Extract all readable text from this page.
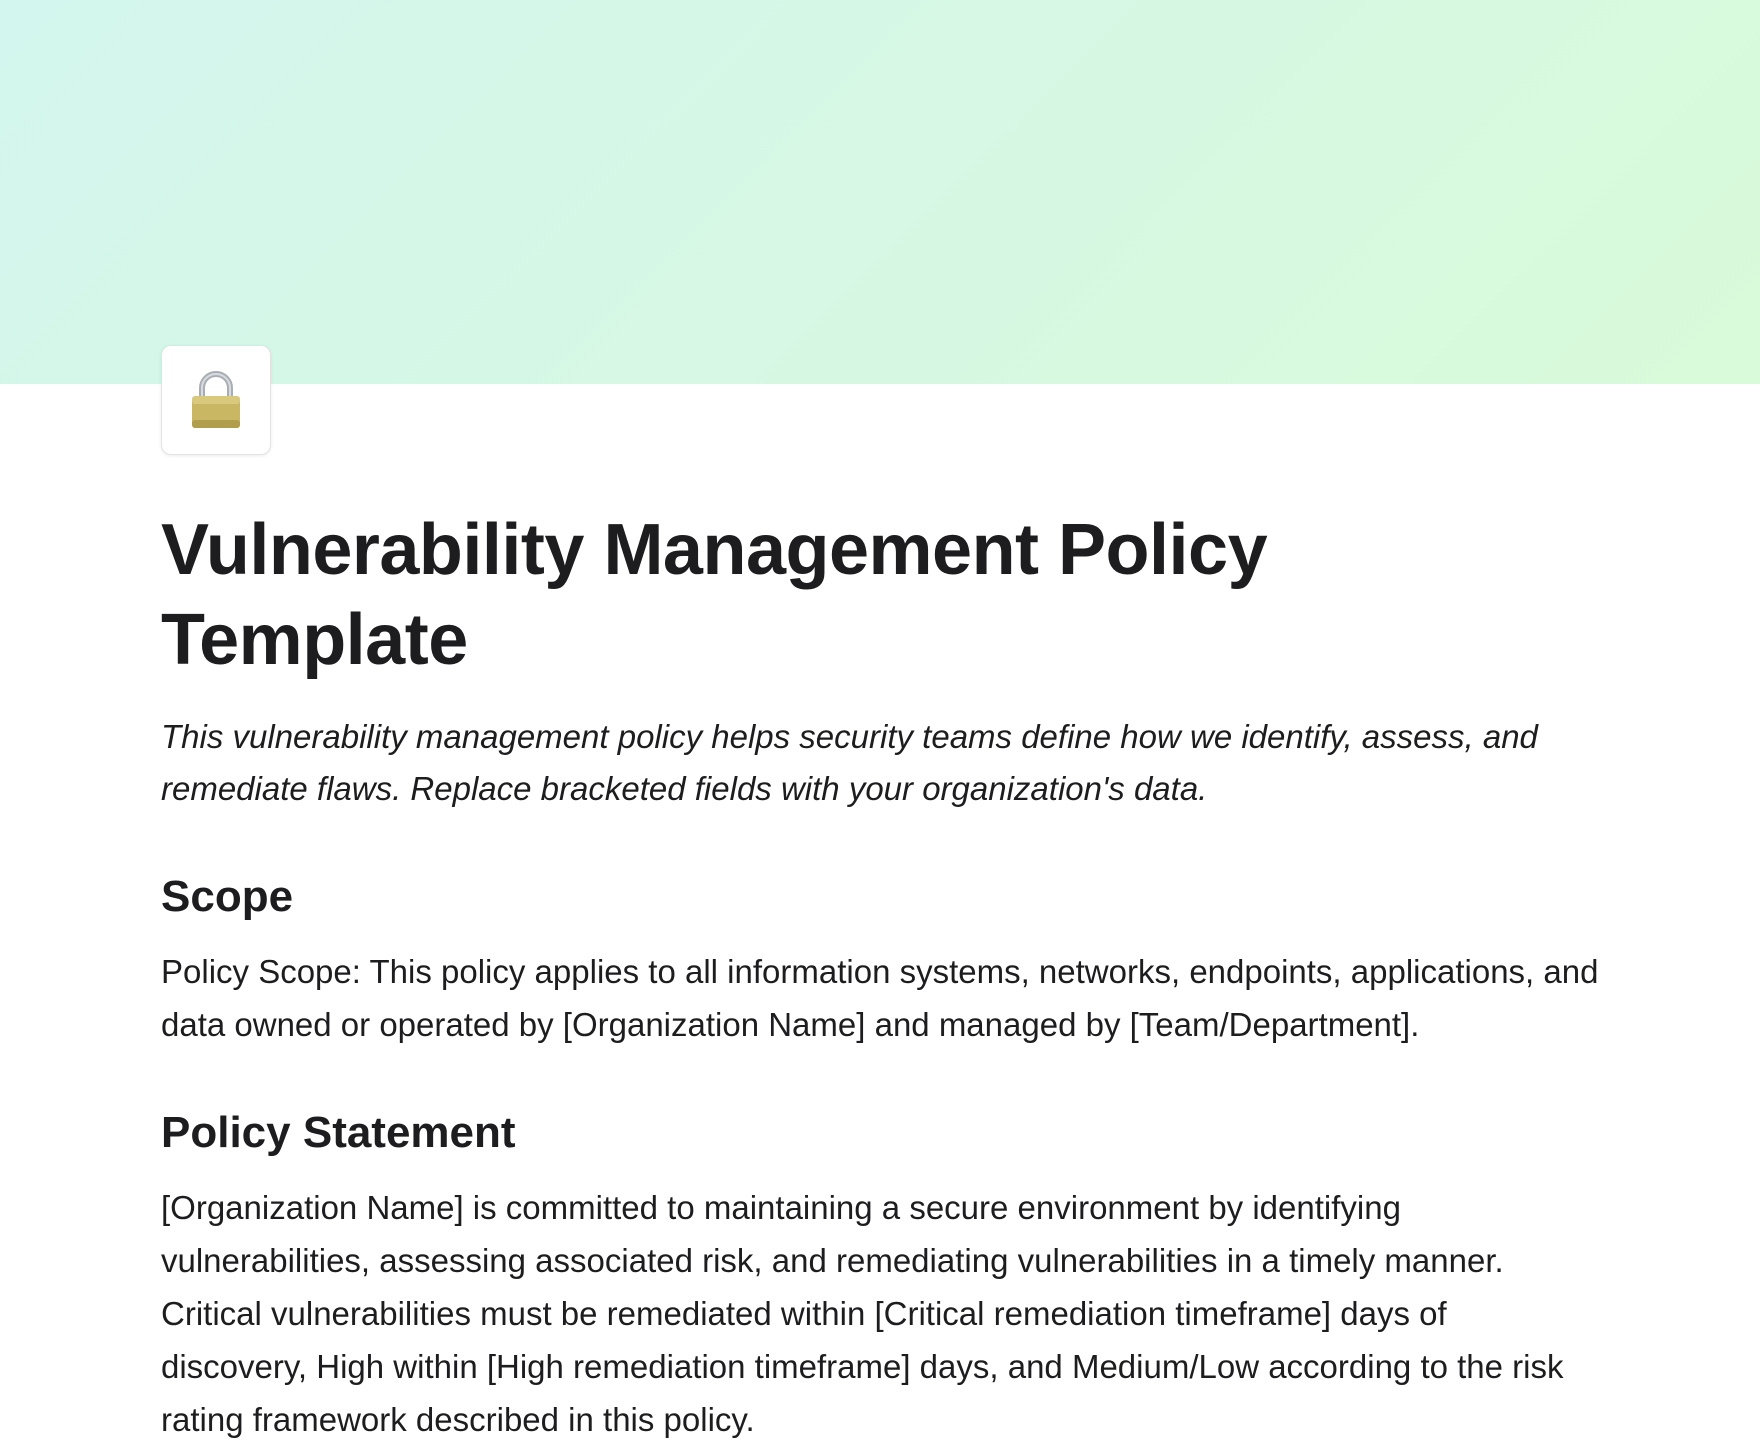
Vulnerability Management Policy Template

This vulnerability management policy helps security teams define how we identify, assess, and remediate flaws. Replace bracketed fields with your organization's data.

Scope

Policy Scope: This policy applies to all information systems, networks, endpoints, applications, and data owned or operated by [Organization Name] and managed by [Team/Department].

Policy Statement

[Organization Name] is committed to maintaining a secure environment by identifying vulnerabilities, assessing associated risk, and remediating vulnerabilities in a timely manner. Critical vulnerabilities must be remediated within [Critical remediation timeframe] days of discovery, High within [High remediation timeframe] days, and Medium/Low according to the risk rating framework described in this policy.
